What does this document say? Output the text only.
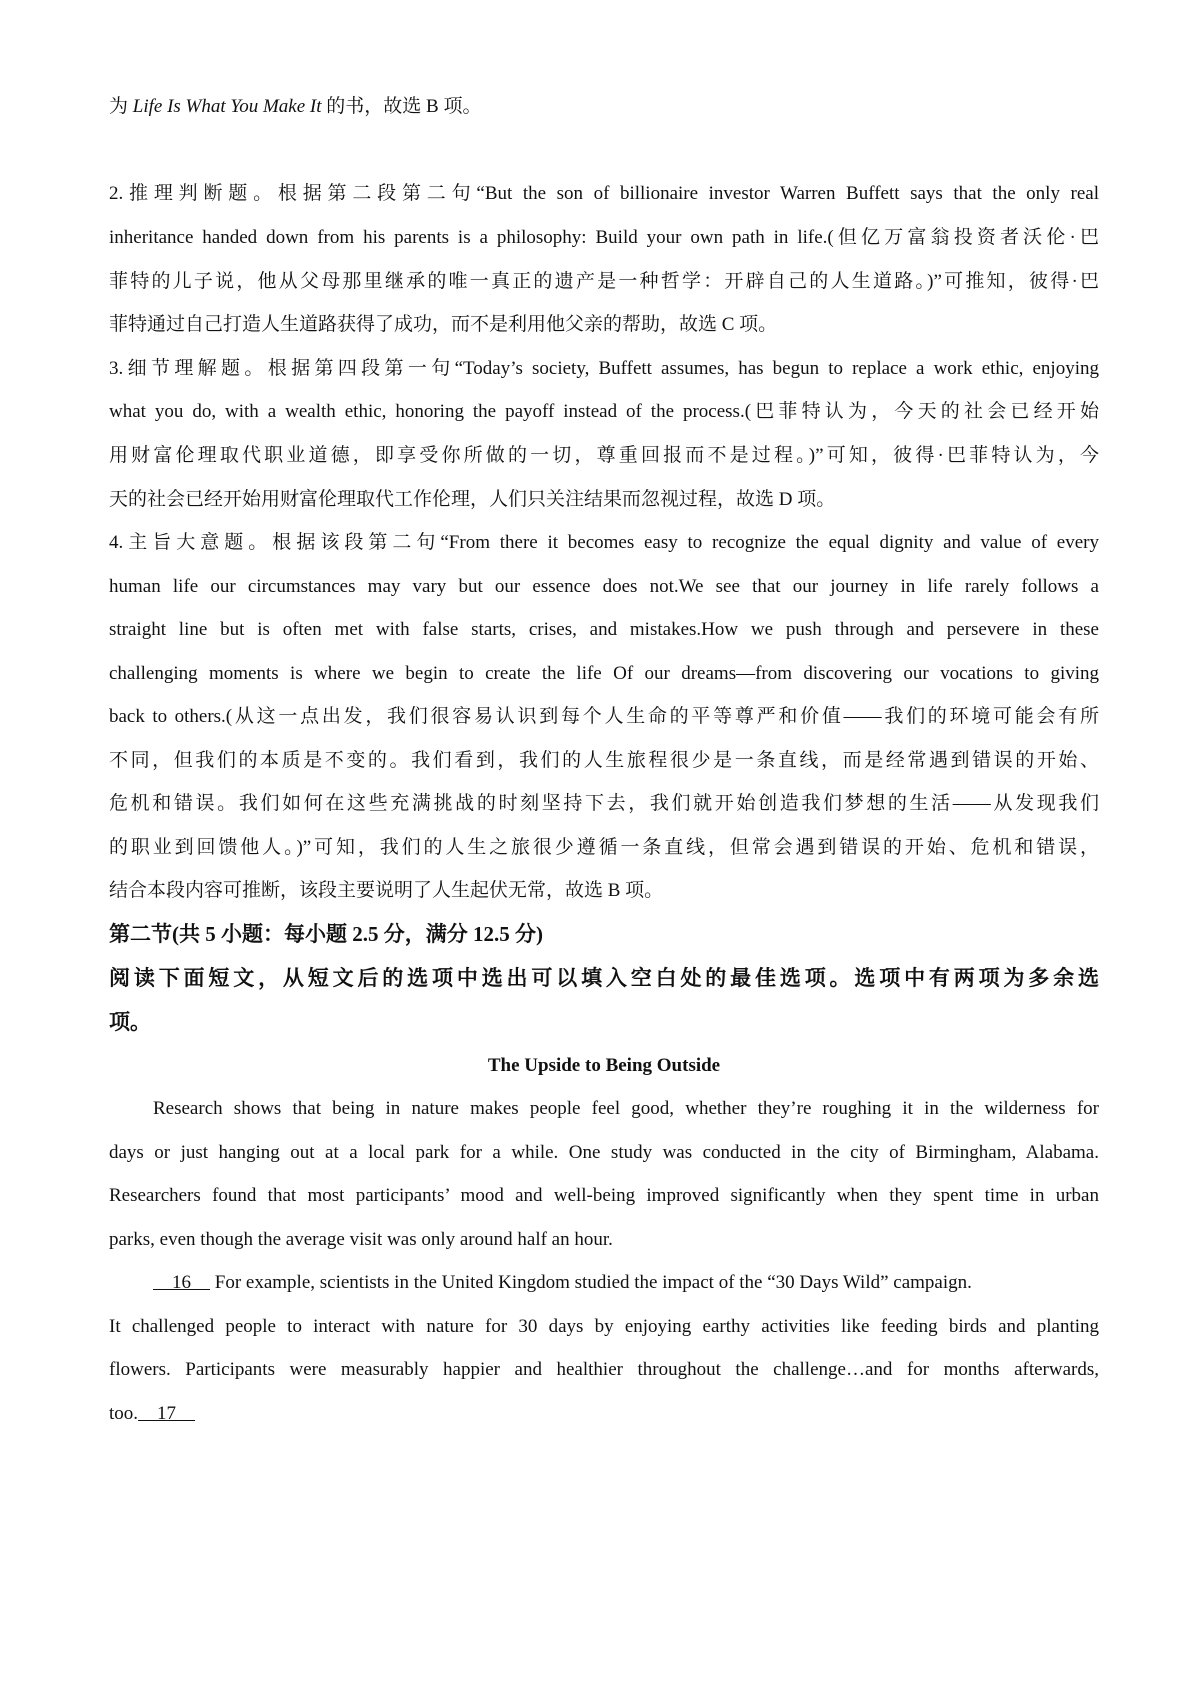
为 Life Is What You Make It 的书，故选 B 项。
2.推理判断题。根据第二段第二句“But the son of billionaire investor Warren Buffett says that the only real
inheritance handed down from his parents is a philosophy: Build your own path in life.(但亿万富翁投资者沃伦·巴
菲特的儿子说，他从父母那里继承的唯一真正的遗产是一种哲学：开辟自己的人生道路。)”可推知，彼得·巴
菲特通过自己打造人生道路获得了成功，而不是利用他父亲的帮助，故选 C 项。
3.细节理解题。根据第四段第一句“Today’s society, Buffett assumes, has begun to replace a work ethic, enjoying
what you do, with a wealth ethic, honoring the payoff instead of the process.(巴菲特认为，今天的社会已经开始
用财富伦理取代职业道德，即享受你所做的一切，尊重回报而不是过程。)”可知，彼得·巴菲特认为，今
天的社会已经开始用财富伦理取代工作伦理，人们只关注结果而忽视过程，故选 D 项。
4.主旨大意题。根据该段第二句“From there it becomes easy to recognize the equal dignity and value of every
human life our circumstances may vary but our essence does not.We see that our journey in life rarely follows a
straight line but is often met with false starts, crises, and mistakes.How we push through and persevere in these
challenging moments is where we begin to create the life Of our dreams—from discovering our vocations to giving
back to others.(从这一点出发，我们很容易认识到每个人生命的平等尊严和价值——我们的环境可能会有所
不同，但我们的本质是不变的。我们看到，我们的人生旅程很少是一条直线，而是经常遇到错误的开始、
危机和错误。我们如何在这些充满挑战的时刻坚持下去，我们就开始创造我们梦想的生活——从发现我们
的职业到回馈他人。)”可知，我们的人生之旅很少遵循一条直线，但常会遇到错误的开始、危机和错误，
结合本段内容可推断，该段主要说明了人生起伏无常，故选 B 项。
第二节(共 5 小题：每小题 2.5 分，满分 12.5 分)
阅读下面短文，从短文后的选项中选出可以填入空白处的最佳选项。选项中有两项为多余选
项。
The Upside to Being Outside
Research shows that being in nature makes people feel good, whether they’re roughing it in the wilderness for
days or just hanging out at a local park for a while. One study was conducted in the city of Birmingham, Alabama.
Researchers found that most participants’ mood and well-being improved significantly when they spent time in urban
parks, even though the average visit was only around half an hour.
16     For example, scientists in the United Kingdom studied the impact of the “30 Days Wild” campaign.
It challenged people to interact with nature for 30 days by enjoying earthy activities like feeding birds and planting
flowers. Participants were measurably happier and healthier throughout the challenge…and for months afterwards,
too.    17
